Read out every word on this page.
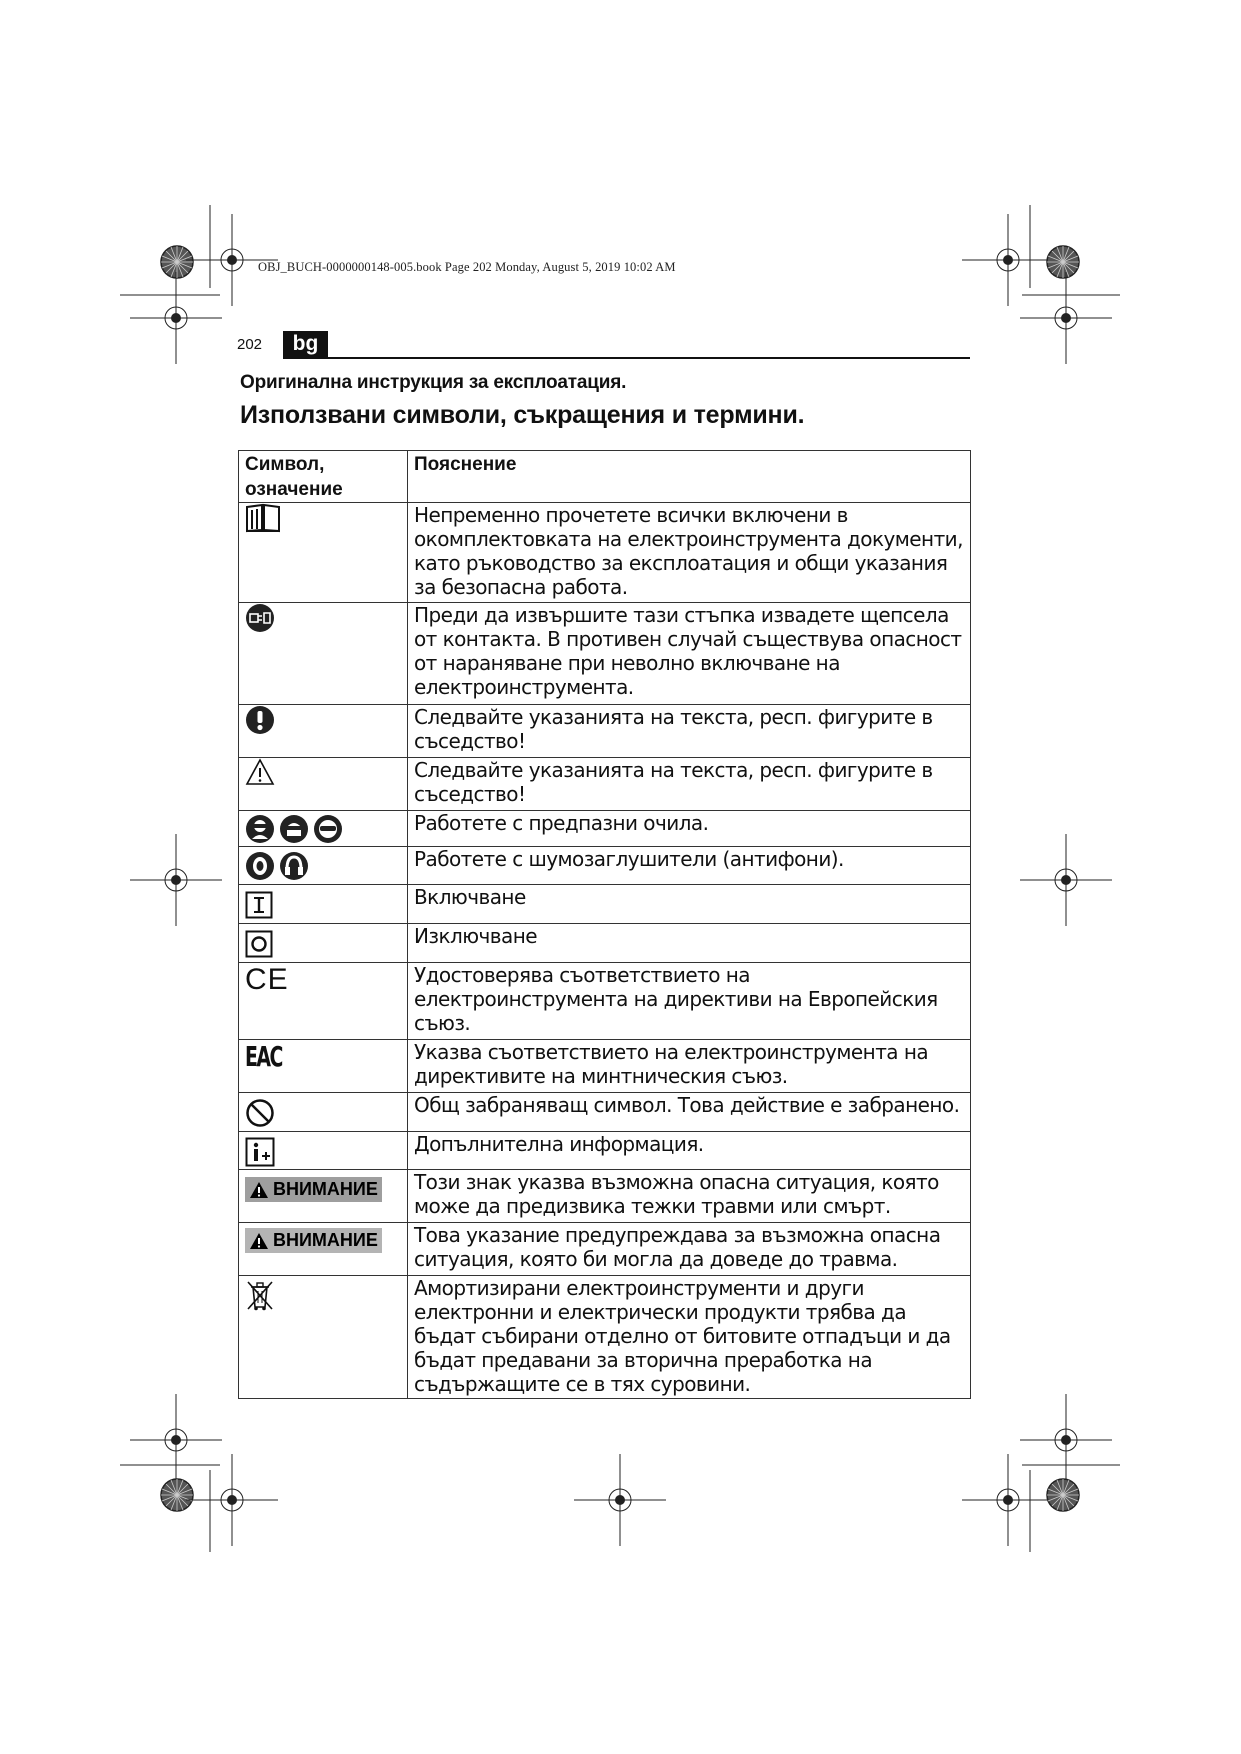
OBJ_BUCH-0000000148-005.book Page 202 Monday, August 5, 2019 10:02 AM
202	bg
Оригинална инструкция за експлоатация.
Използвани символи, съкращения и термини.
Символ,
означение	Пояснение
	Непременно прочетете всички включени в окомплектовката на електроинструмента документи, като ръководство за експлоатация и общи указания за безопасна работа.
	Преди да извършите тази стъпка извадете щепсела от контакта. В противен случай съществува опасност от нараняване при неволно включване на електроинструмента.
	Следвайте указанията на текста, респ. фигурите в съседство!
	Следвайте указанията на текста, респ. фигурите в съседство!
	Работете с предпазни очила.
	Работете с шумозаглушители (антифони).
	Включване
	Изключване
CE	Удостоверява съответствието на електроинструмента на директиви на Европейския съюз.
EAC	Указва съответствието на електроинструмента на директивите на минтническия съюз.
	Общ забраняващ символ. Това действие е забранено.
	Допълнителна информация.

ВНИМАНИЕ	Този знак указва възможна опасна ситуация, която може да предизвика тежки травми или смърт.

ВНИМАНИЕ	Това указание предупреждава за възможна опасна ситуация, която би могла да доведе до травма.
	Амортизирани електроинструменти и други електронни и електрически продукти трябва да бъдат събирани отделно от битовите отпадъци и да бъдат предавани за вторична преработка на съдържащите се в тях суровини.
